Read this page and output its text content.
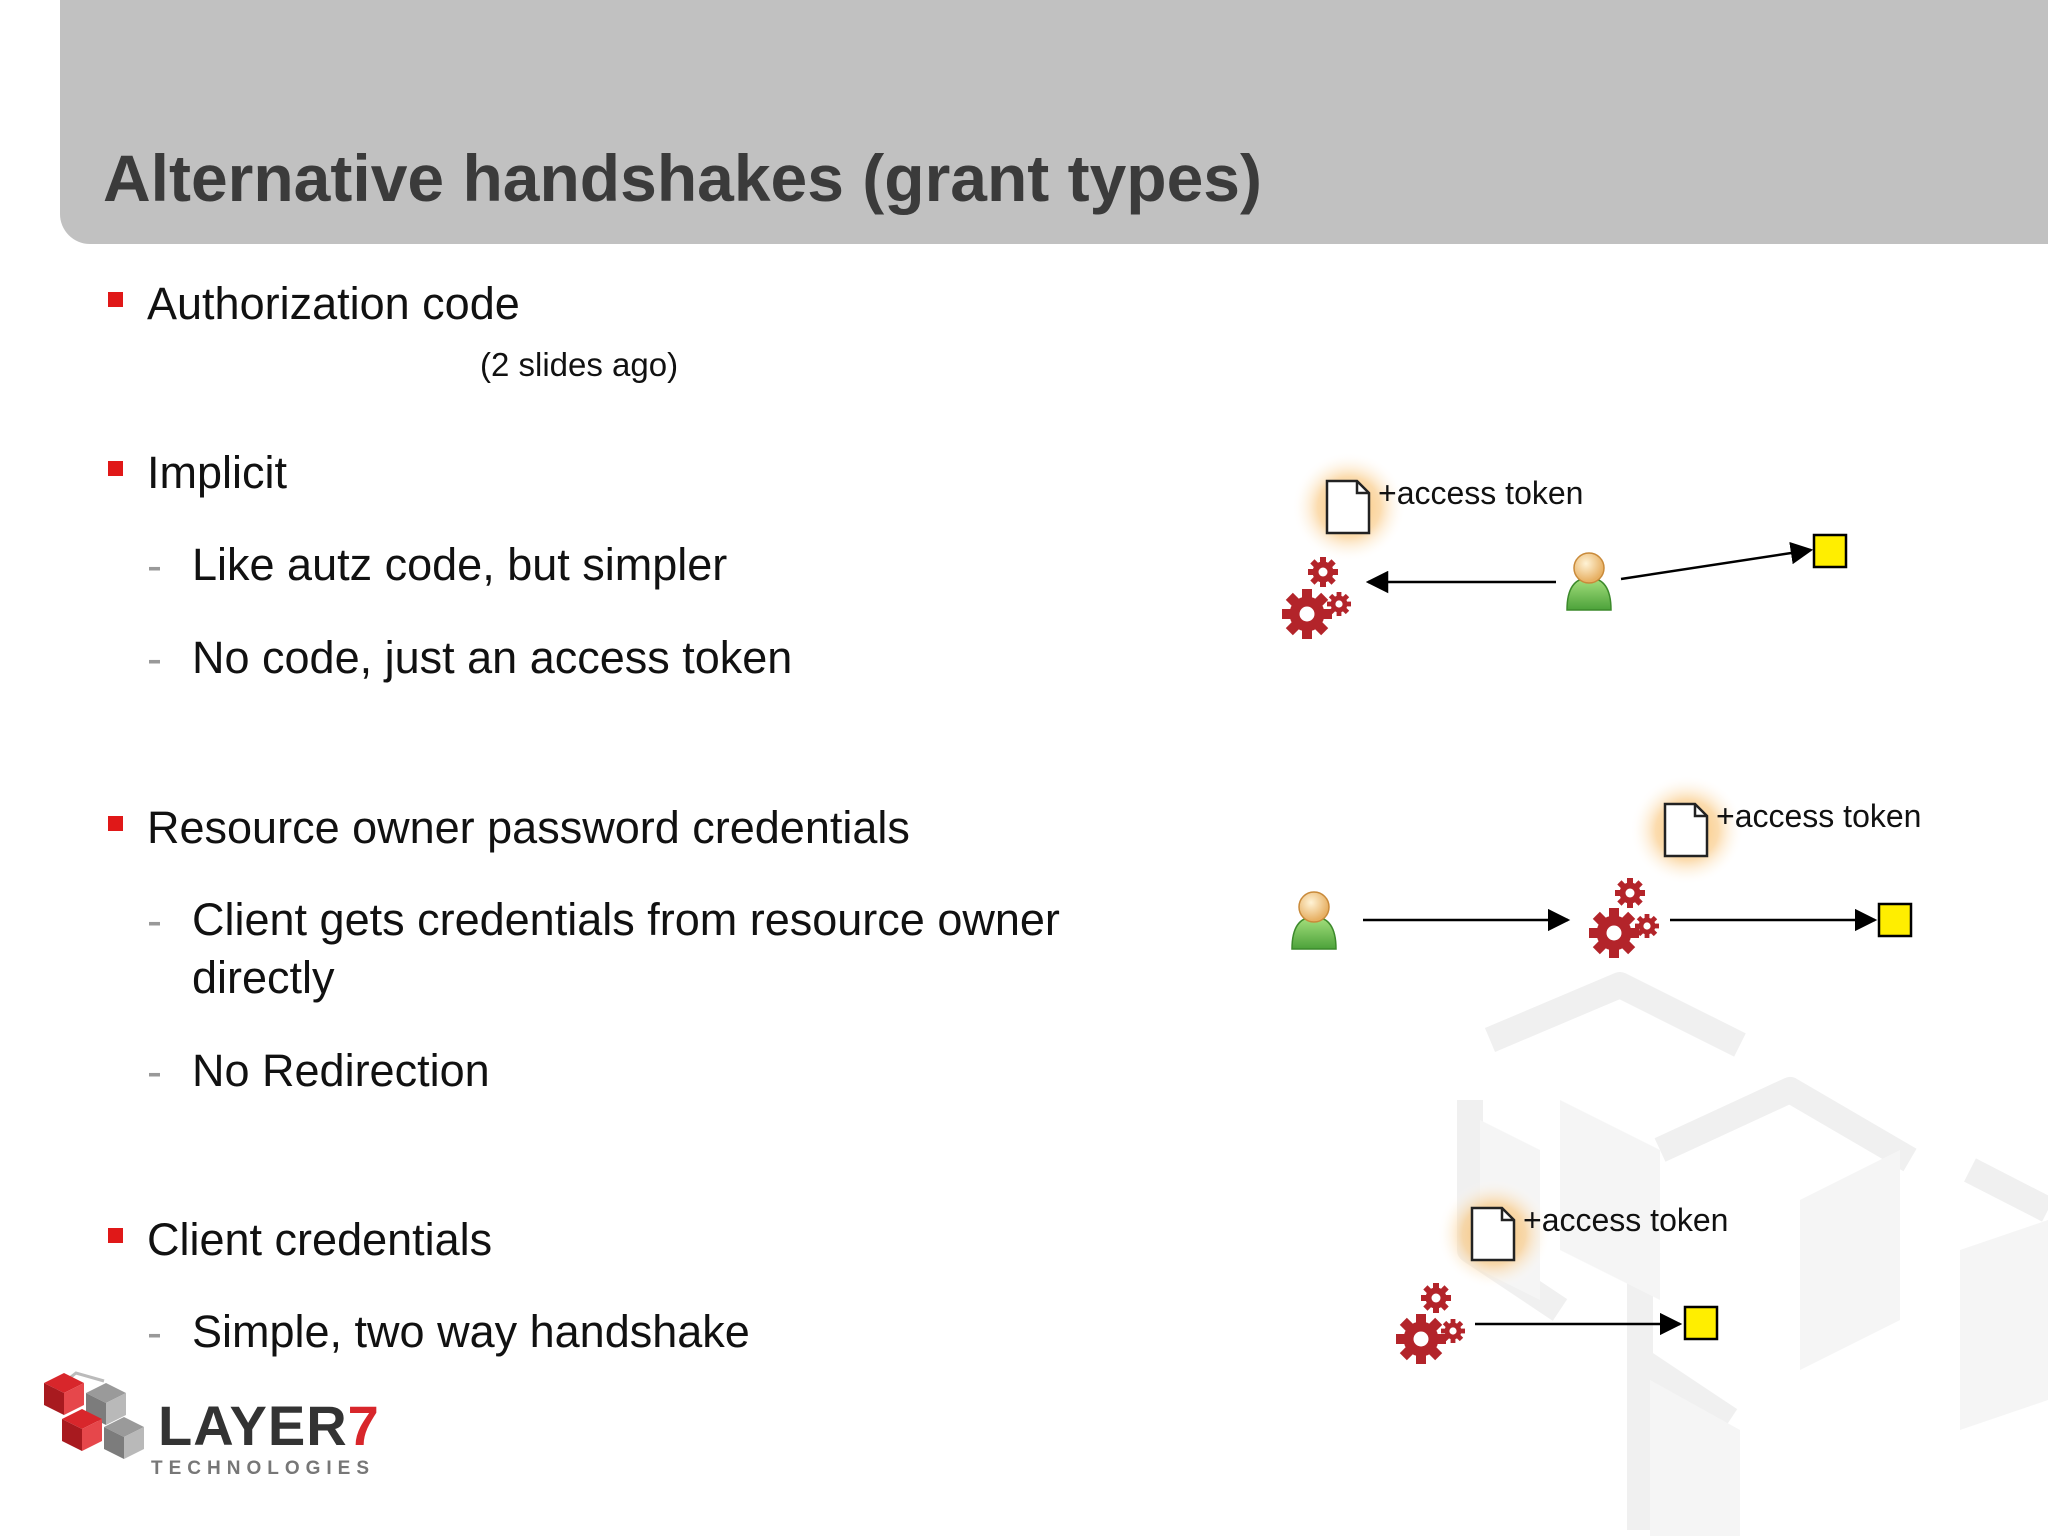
Alternative handshakes (grant types)
Authorization code
(2 slides ago)
Implicit
- Like autz code, but simpler
- No code, just an access token
Resource owner password credentials
- Client gets credentials from resource owner directly
- No Redirection
Client credentials
- Simple, two way handshake
+access token
+access token
+access token
LAYER7
TECHNOLOGIES
